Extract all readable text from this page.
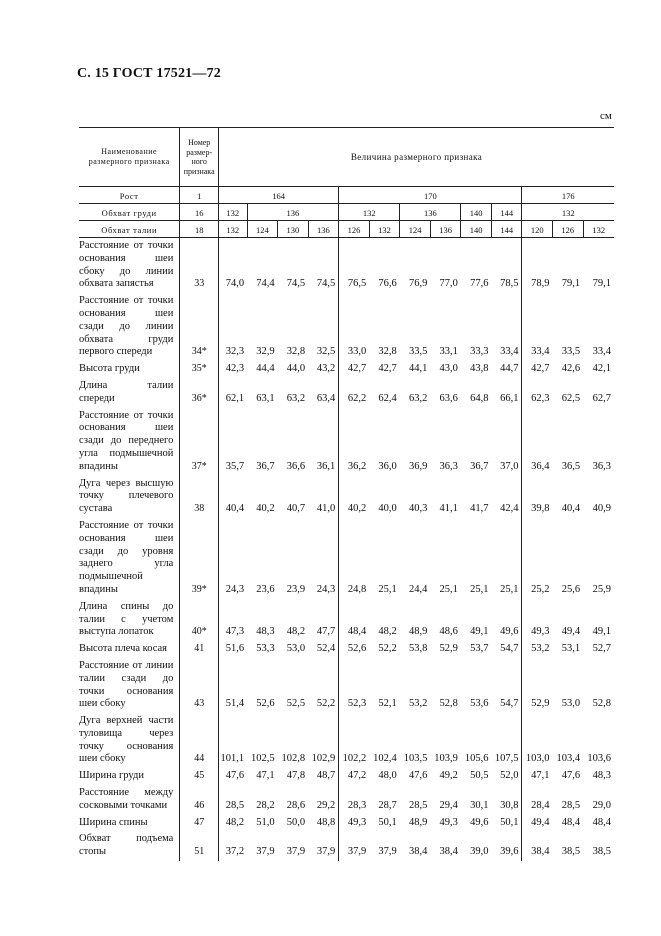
С. 15 ГОСТ 17521—72
см
Наименование размерного признака	Номер размер-ного признака	Величина размерного признака												
Рост	1	164				170						176		
Обхват груди	16	132	136			132		136		140	144	132		
Обхват талии	18	132	124	130	136	126	132	124	136	140	144	120	126	132
Расстояние от точки основания шеи сбоку до линии обхвата запястья	33	74,0	74,4	74,5	74,5	76,5	76,6	76,9	77,0	77,6	78,5	78,9	79,1	79,1
Расстояние от точки основания шеи сзади до линии обхвата груди первого спереди	34*	32,3	32,9	32,8	32,5	33,0	32,8	33,5	33,1	33,3	33,4	33,4	33,5	33,4
Высота груди	35*	42,3	44,4	44,0	43,2	42,7	42,7	44,1	43,0	43,8	44,7	42,7	42,6	42,1
Длина талии спереди	36*	62,1	63,1	63,2	63,4	62,2	62,4	63,2	63,6	64,8	66,1	62,3	62,5	62,7
Расстояние от точки основания шеи сзади до переднего угла подмышечной впадины	37*	35,7	36,7	36,6	36,1	36,2	36,0	36,9	36,3	36,7	37,0	36,4	36,5	36,3
Дуга через высшую точку плечевого сустава	38	40,4	40,2	40,7	41,0	40,2	40,0	40,3	41,1	41,7	42,4	39,8	40,4	40,9
Расстояние от точки основания шеи сзади до уровня заднего угла подмышечной впадины	39*	24,3	23,6	23,9	24,3	24,8	25,1	24,4	25,1	25,1	25,1	25,2	25,6	25,9
Длина спины до талии с учетом выступа лопаток	40*	47,3	48,3	48,2	47,7	48,4	48,2	48,9	48,6	49,1	49,6	49,3	49,4	49,1
Высота плеча косая	41	51,6	53,3	53,0	52,4	52,6	52,2	53,8	52,9	53,7	54,7	53,2	53,1	52,7
Расстояние от линии талии сзади до точки основания шеи сбоку	43	51,4	52,6	52,5	52,2	52,3	52,1	53,2	52,8	53,6	54,7	52,9	53,0	52,8
Дуга верхней части туловища через точку основания шеи сбоку	44	101,1	102,5	102,8	102,9	102,2	102,4	103,5	103,9	105,6	107,5	103,0	103,4	103,6
Ширина груди	45	47,6	47,1	47,8	48,7	47,2	48,0	47,6	49,2	50,5	52,0	47,1	47,6	48,3
Расстояние между сосковыми точками	46	28,5	28,2	28,6	29,2	28,3	28,7	28,5	29,4	30,1	30,8	28,4	28,5	29,0
Ширина спины	47	48,2	51,0	50,0	48,8	49,3	50,1	48,9	49,3	49,6	50,1	49,4	48,4	48,4
Обхват подъема стопы	51	37,2	37,9	37,9	37,9	37,9	37,9	38,4	38,4	39,0	39,6	38,4	38,5	38,5
